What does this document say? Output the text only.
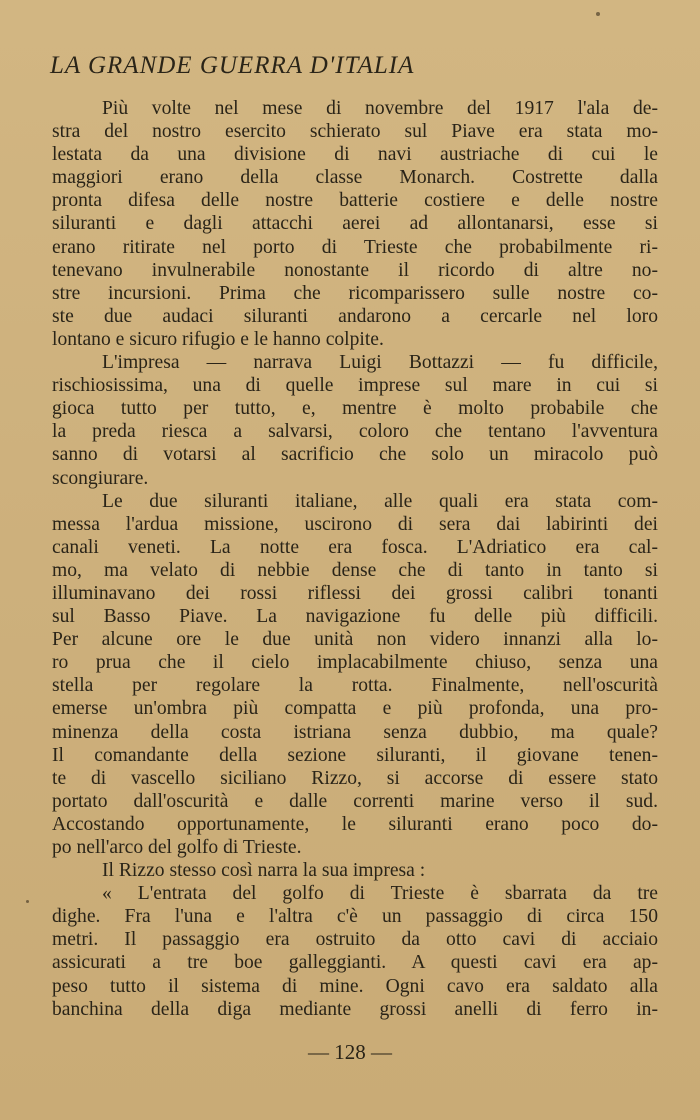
LA GRANDE GUERRA D'ITALIA
Più volte nel mese di novembre del 1917 l'ala de-
stra del nostro esercito schierato sul Piave era stata mo-
lestata da una divisione di navi austriache di cui le
maggiori erano della classe Monarch. Costrette dalla
pronta difesa delle nostre batterie costiere e delle nostre
siluranti e dagli attacchi aerei ad allontanarsi, esse si
erano ritirate nel porto di Trieste che probabilmente ri-
tenevano invulnerabile nonostante il ricordo di altre no-
stre incursioni. Prima che ricomparissero sulle nostre co-
ste due audaci siluranti andarono a cercarle nel loro
lontano e sicuro rifugio e le hanno colpite.
L'impresa — narrava Luigi Bottazzi — fu difficile,
rischiosissima, una di quelle imprese sul mare in cui si
gioca tutto per tutto, e, mentre è molto probabile che
la preda riesca a salvarsi, coloro che tentano l'avventura
sanno di votarsi al sacrificio che solo un miracolo può
scongiurare.
Le due siluranti italiane, alle quali era stata com-
messa l'ardua missione, uscirono di sera dai labirinti dei
canali veneti. La notte era fosca. L'Adriatico era cal-
mo, ma velato di nebbie dense che di tanto in tanto si
illuminavano dei rossi riflessi dei grossi calibri tonanti
sul Basso Piave. La navigazione fu delle più difficili.
Per alcune ore le due unità non videro innanzi alla lo-
ro prua che il cielo implacabilmente chiuso, senza una
stella per regolare la rotta. Finalmente, nell'oscurità
emerse un'ombra più compatta e più profonda, una pro-
minenza della costa istriana senza dubbio, ma quale?
Il comandante della sezione siluranti, il giovane tenen-
te di vascello siciliano Rizzo, si accorse di essere stato
portato dall'oscurità e dalle correnti marine verso il sud.
Accostando opportunamente, le siluranti erano poco do-
po nell'arco del golfo di Trieste.
Il Rizzo stesso così narra la sua impresa :
« L'entrata del golfo di Trieste è sbarrata da tre
dighe. Fra l'una e l'altra c'è un passaggio di circa 150
metri. Il passaggio era ostruito da otto cavi di acciaio
assicurati a tre boe galleggianti. A questi cavi era ap-
peso tutto il sistema di mine. Ogni cavo era saldato alla
banchina della diga mediante grossi anelli di ferro in-
— 128 —
